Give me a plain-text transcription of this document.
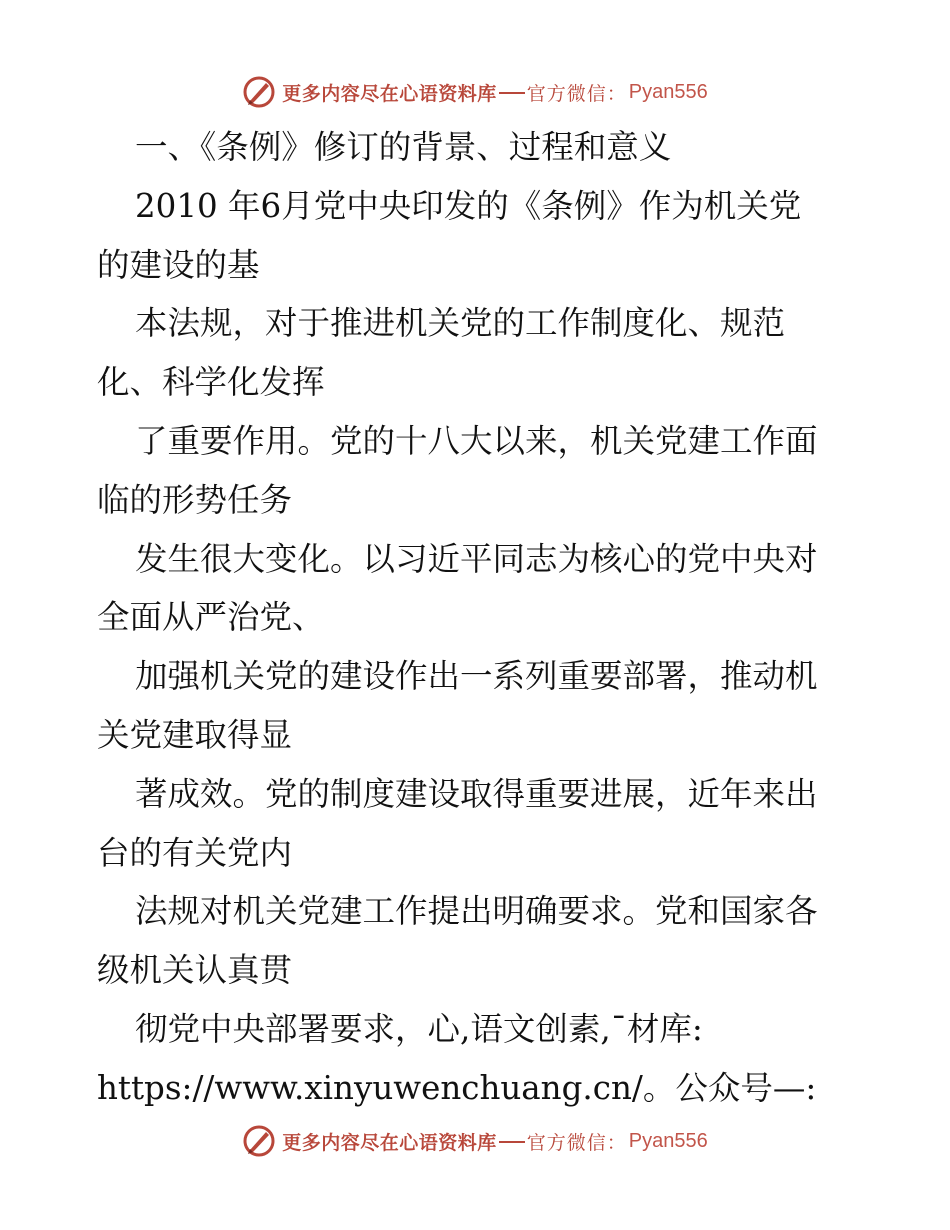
更多内容尽在心语资料库 官方微信： Pyan556
一、《条例》修订的背景、过程和意义
2010 年6月党中央印发的《条例》作为机关党
的建设的基
本法规，对于推进机关党的工作制度化、规范
化、科学化发挥
了重要作用。党的十八大以来，机关党建工作面
临的形势任务
发生很大变化。以习近平同志为核心的党中央对
全面从严治党、
加强机关党的建设作出一系列重要部署，推动机
关党建取得显
著成效。党的制度建设取得重要进展，近年来出
台的有关党内
法规对机关党建工作提出明确要求。党和国家各
级机关认真贯
彻党中央部署要求，心,语文创素,¯材库:
https://www.xinyuwenchuang.cn/。公众号—:
更多内容尽在心语资料库 官方微信： Pyan556
